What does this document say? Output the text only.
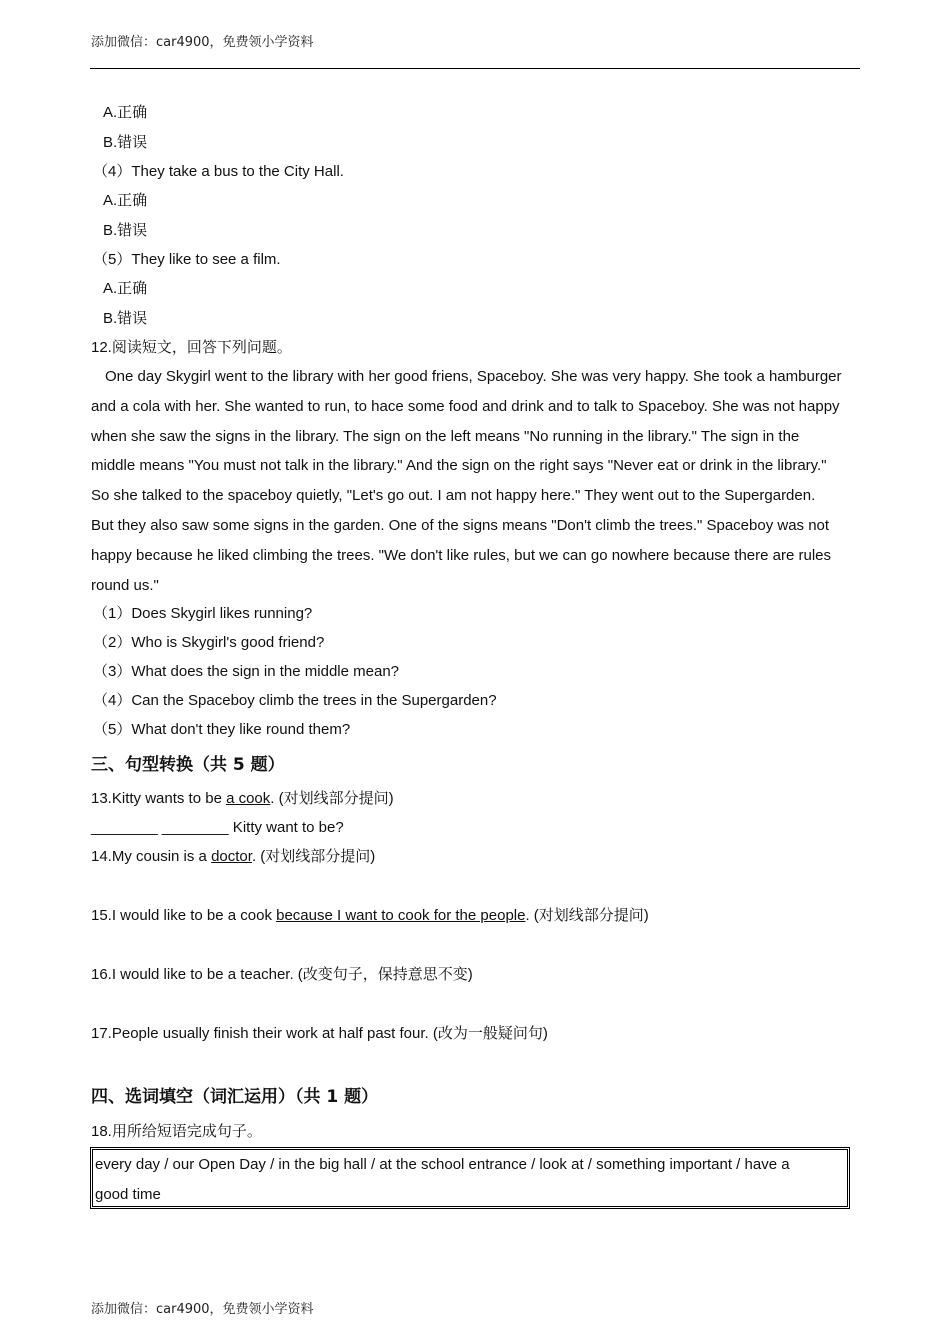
添加微信：car4900，免费领小学资料
A.正确
B.错误
（4）They take a bus to the City Hall.
A.正确
B.错误
（5）They like to see a film.
A.正确
B.错误
12.阅读短文，回答下列问题。
One day Skygirl went to the library with her good friens, Spaceboy. She was very happy. She took a hamburger
and a cola with her. She wanted to run, to hace some food and drink and to talk to Spaceboy. She was not happy
when she saw the signs in the library. The sign on the left means "No running in the library." The sign in the
middle means "You must not talk in the library." And the sign on the right says "Never eat or drink in the library."
So she talked to the spaceboy quietly, "Let's go out. I am not happy here." They went out to the Supergarden.
But they also saw some signs in the garden. One of the signs means "Don't climb the trees." Spaceboy was not
happy because he liked climbing the trees. "We don't like rules, but we can go nowhere because there are rules
round us."
（1）Does Skygirl likes running?
（2）Who is Skygirl's good friend?
（3）What does the sign in the middle mean?
（4）Can the Spaceboy climb the trees in the Supergarden?
（5）What don't they like round them?
三、句型转换（共 5 题）
13.Kitty wants to be a cook. (对划线部分提问)
________ ________ Kitty want to be?
14.My cousin is a doctor. (对划线部分提问)
15.I would like to be a cook because I want to cook for the people. (对划线部分提问)
16.I would like to be a teacher. (改变句子，保持意思不变)
17.People usually finish their work at half past four. (改为一般疑问句)
四、选词填空（词汇运用）（共 1 题）
18.用所给短语完成句子。
every day / our Open Day / in the big hall / at the school entrance / look at / something important / have a
good time
添加微信：car4900，免费领小学资料
